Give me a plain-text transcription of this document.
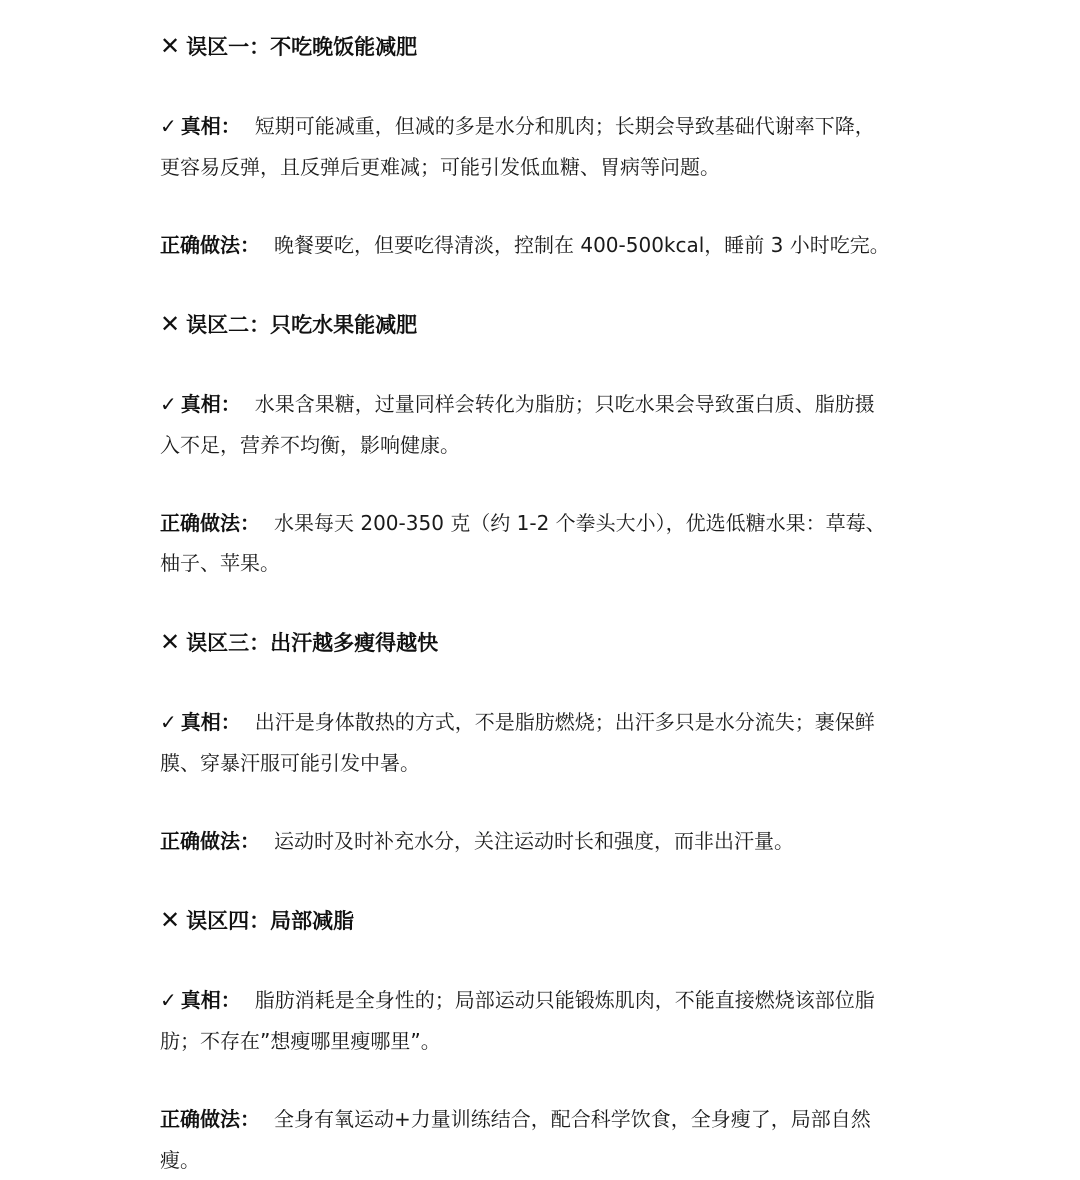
✕ 误区一：不吃晚饭能减肥
✓ 真相： 短期可能减重，但减的多是水分和肌肉；长期会导致基础代谢率下降，
更容易反弹，且反弹后更难减；可能引发低血糖、胃病等问题。
正确做法： 晚餐要吃，但要吃得清淡，控制在 400-500kcal，睡前 3 小时吃完。
✕ 误区二：只吃水果能减肥
✓ 真相： 水果含果糖，过量同样会转化为脂肪；只吃水果会导致蛋白质、脂肪摄
入不足，营养不均衡，影响健康。
正确做法： 水果每天 200-350 克（约 1-2 个拳头大小），优选低糖水果：草莓、
柚子、苹果。
✕ 误区三：出汗越多瘦得越快
✓ 真相： 出汗是身体散热的方式，不是脂肪燃烧；出汗多只是水分流失；裹保鲜
膜、穿暴汗服可能引发中暑。
正确做法： 运动时及时补充水分，关注运动时长和强度，而非出汗量。
✕ 误区四：局部减脂
✓ 真相： 脂肪消耗是全身性的；局部运动只能锻炼肌肉，不能直接燃烧该部位脂
肪；不存在”想瘦哪里瘦哪里”。
正确做法： 全身有氧运动+力量训练结合，配合科学饮食，全身瘦了，局部自然
瘦。
